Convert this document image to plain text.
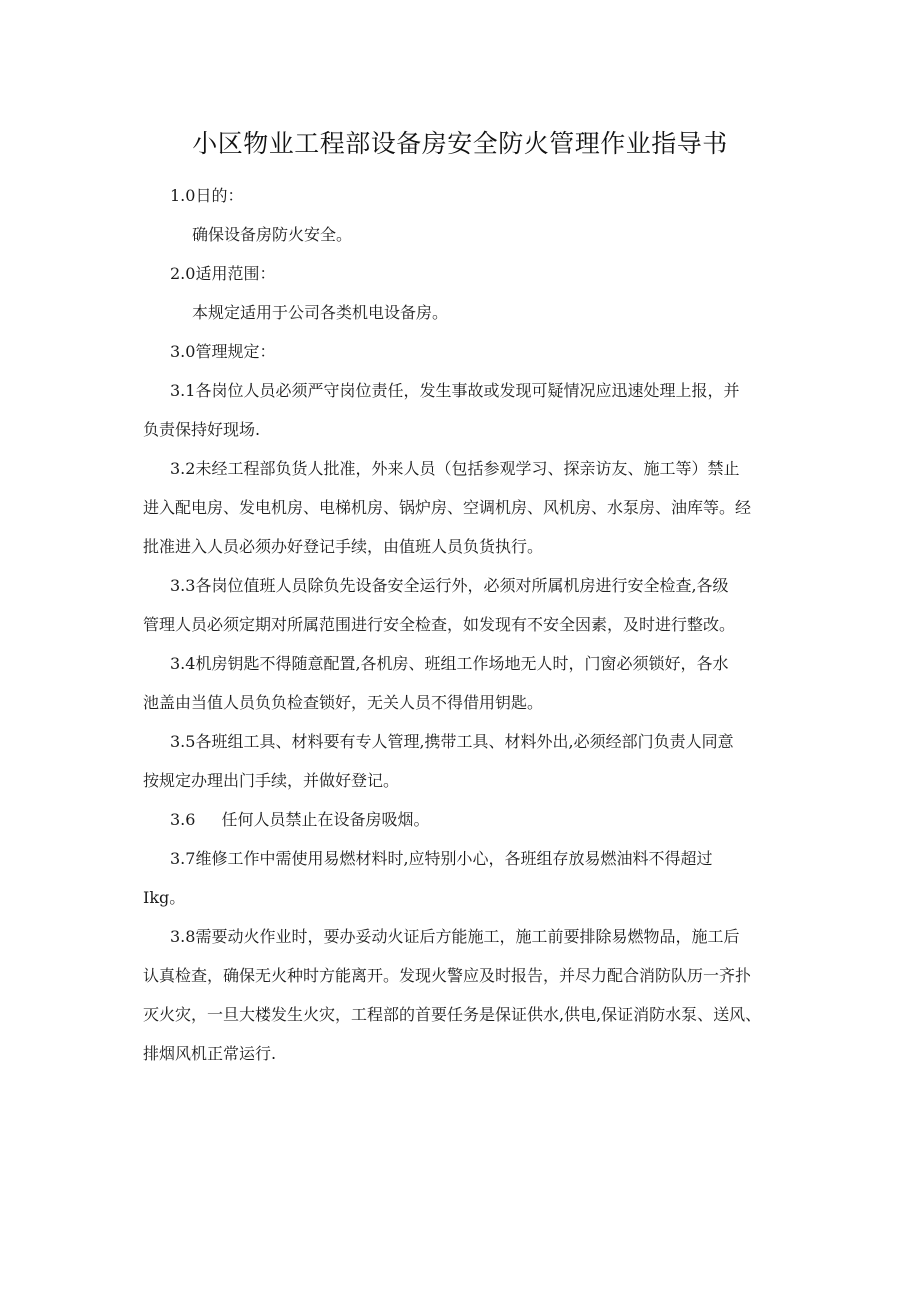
小区物业工程部设备房安全防火管理作业指导书

1.0日的：

确保设备房防火安全。

2.0适用范围：

本规定适用于公司各类机电设备房。

3.0管理规定：

3.1各岗位人员必须严守岗位责任，发生事故或发现可疑情况应迅速处理上报，并

负责保持好现场.

3.2未经工程部负货人批准，外来人员（包括参观学习、探亲访友、施工等）禁止

进入配电房、发电机房、电梯机房、锅炉房、空调机房、风机房、水泵房、油库等。经

批准进入人员必须办好登记手续，由值班人员负货执行。

3.3各岗位值班人员除负先设备安全运行外，必须对所属机房进行安全检查,各级

管理人员必须定期对所属范围进行安全检查，如发现有不安全因素，及时进行整改。

3.4机房钥匙不得随意配置,各机房、班组工作场地无人时，门窗必须锁好，各水

池盖由当值人员负负检查锁好，无关人员不得借用钥匙。

3.5各班组工具、材料要有专人管理,携带工具、材料外出,必须经部门负责人同意

按规定办理出门手续，并做好登记。

3.6 任何人员禁止在设备房吸烟。

3.7维修工作中需使用易燃材料时,应特别小心，各班组存放易燃油料不得超过

Ikg。

3.8需要动火作业时，要办妥动火证后方能施工，施工前要排除易燃物品，施工后

认真检查，确保无火种时方能离开。发现火警应及时报告，并尽力配合消防队历一齐扑

灭火灾，一旦大楼发生火灾，工程部的首要任务是保证供水,供电,保证消防水泵、送风、

排烟风机正常运行.
